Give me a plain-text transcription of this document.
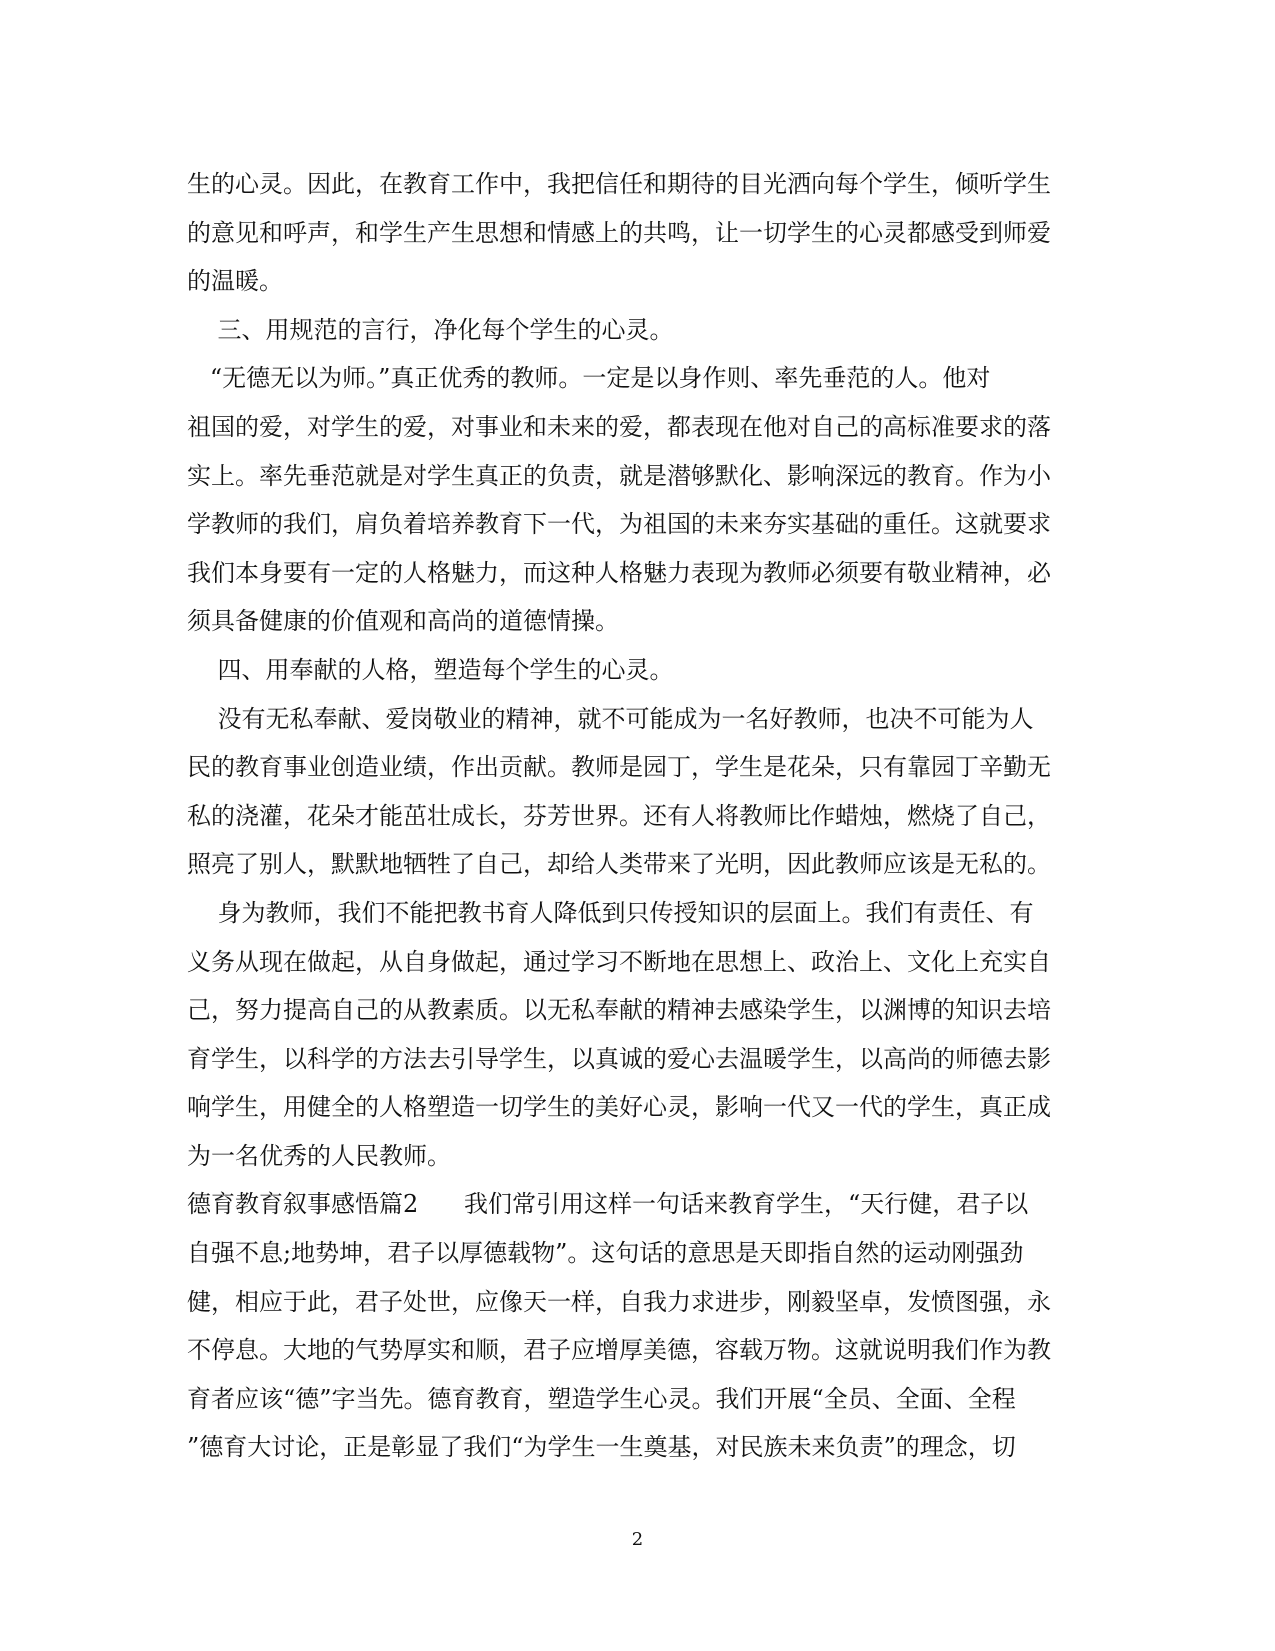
生的心灵。因此，在教育工作中，我把信任和期待的目光洒向每个学生，倾听学生
的意见和呼声，和学生产生思想和情感上的共鸣，让一切学生的心灵都感受到师爱
的温暖。
三、用规范的言行，净化每个学生的心灵。
“无德无以为师。”真正优秀的教师。一定是以身作则、率先垂范的人。他对
祖国的爱，对学生的爱，对事业和未来的爱，都表现在他对自己的高标准要求的落
实上。率先垂范就是对学生真正的负责，就是潜够默化、影响深远的教育。作为小
学教师的我们，肩负着培养教育下一代，为祖国的未来夯实基础的重任。这就要求
我们本身要有一定的人格魅力，而这种人格魅力表现为教师必须要有敬业精神，必
须具备健康的价值观和高尚的道德情操。
四、用奉献的人格，塑造每个学生的心灵。
没有无私奉献、爱岗敬业的精神，就不可能成为一名好教师，也决不可能为人
民的教育事业创造业绩，作出贡献。教师是园丁，学生是花朵，只有靠园丁辛勤无
私的浇灌，花朵才能茁壮成长，芬芳世界。还有人将教师比作蜡烛，燃烧了自己，
照亮了别人，默默地牺牲了自己，却给人类带来了光明，因此教师应该是无私的。
身为教师，我们不能把教书育人降低到只传授知识的层面上。我们有责任、有
义务从现在做起，从自身做起，通过学习不断地在思想上、政治上、文化上充实自
己，努力提高自己的从教素质。以无私奉献的精神去感染学生，以渊博的知识去培
育学生，以科学的方法去引导学生，以真诚的爱心去温暖学生，以高尚的师德去影
响学生，用健全的人格塑造一切学生的美好心灵，影响一代又一代的学生，真正成
为一名优秀的人民教师。
德育教育叙事感悟篇2      我们常引用这样一句话来教育学生，“天行健，君子以
自强不息;地势坤，君子以厚德载物”。这句话的意思是天即指自然的运动刚强劲
健，相应于此，君子处世，应像天一样，自我力求进步，刚毅坚卓，发愤图强，永
不停息。大地的气势厚实和顺，君子应增厚美德，容载万物。这就说明我们作为教
育者应该“德”字当先。德育教育，塑造学生心灵。我们开展“全员、全面、全程
”德育大讨论，正是彰显了我们“为学生一生奠基，对民族未来负责”的理念，切
2
